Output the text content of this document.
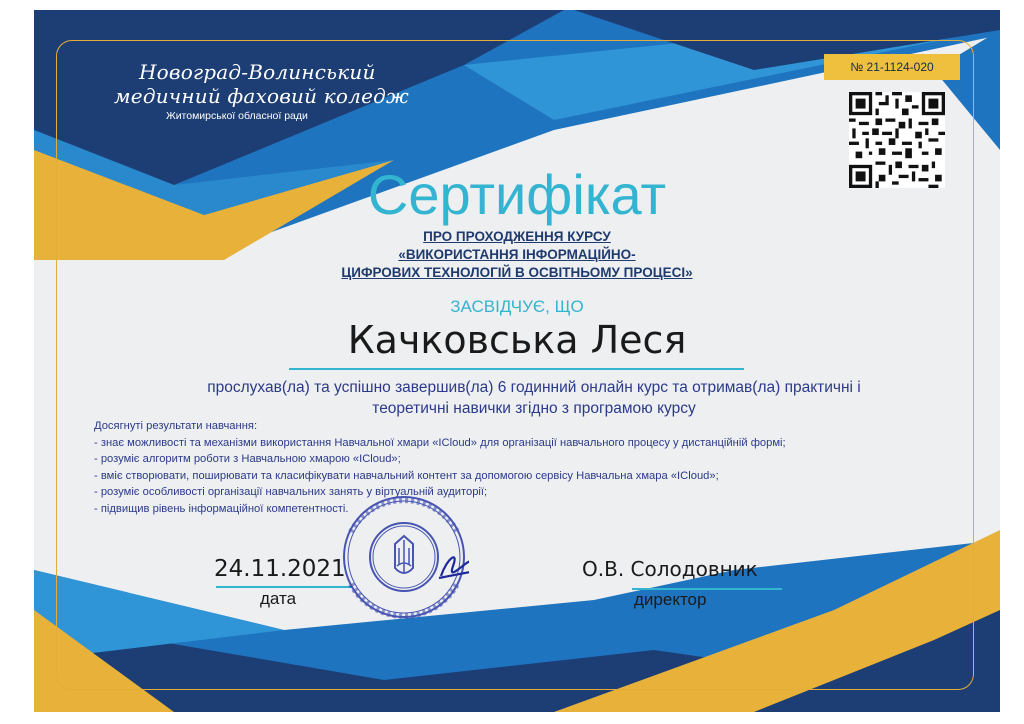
Новоград-Волинський
медичний фаховий коледж
Житомирської обласної ради
№ 21-1124-020
Сертифікат
ПРО ПРОХОДЖЕННЯ КУРСУ
«ВИКОРИСТАННЯ ІНФОРМАЦІЙНО-
ЦИФРОВИХ ТЕХНОЛОГІЙ В ОСВІТНЬОМУ ПРОЦЕСІ»
ЗАСВІДЧУЄ, ЩО
Качковська Леся
прослухав(ла) та успішно завершив(ла) 6 годинний онлайн курс та отримав(ла) практичні і
теоретичні навички згідно з програмою курсу
Досягнуті результати навчання:
- знає можливості та механізми використання Навчальної хмари «ICloud» для організації навчального процесу у дистанційній формі;
- розуміє алгоритм роботи з Навчальною хмарою «ICloud»;
- вміє створювати, поширювати та класифікувати навчальний контент за допомогою сервісу Навчальна хмара «ICloud»;
- розуміє особливості організації навчальних занять у віртуальній аудиторії;
- підвищив рівень інформаційної компетентності.
24.11.2021
дата
О.В. Солодовник
директор
